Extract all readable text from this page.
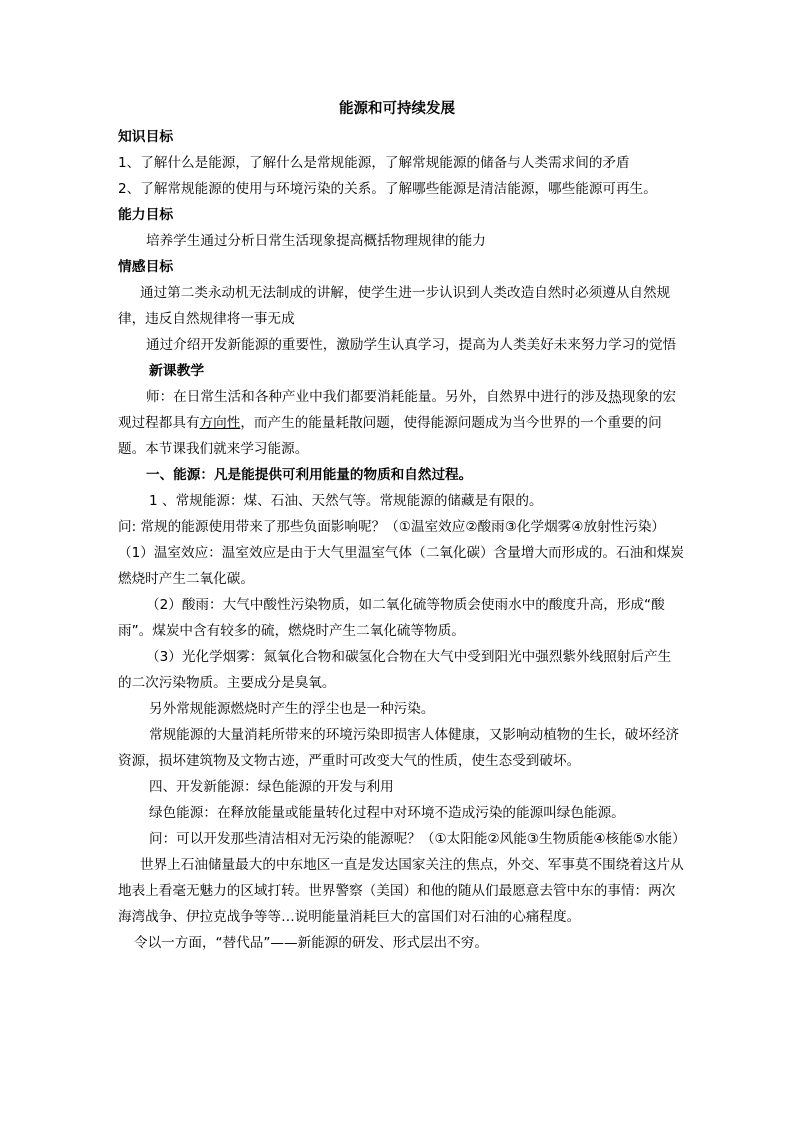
能源和可持续发展

知识目标

1、了解什么是能源，了解什么是常规能源，了解常规能源的储备与人类需求间的矛盾

2、了解常规能源的使用与环境污染的关系。了解哪些能源是清洁能源，哪些能源可再生。

能力目标

培养学生通过分析日常生活现象提高概括物理规律的能力

情感目标

通过第二类永动机无法制成的讲解，使学生进一步认识到人类改造自然时必须遵从自然规律，违反自然规律将一事无成

通过介绍开发新能源的重要性，激励学生认真学习，提高为人类美好未来努力学习的觉悟

新课教学

师：在日常生活和各种产业中我们都要消耗能量。另外，自然界中进行的涉及热现象的宏观过程都具有方向性，而产生的能量耗散问题，使得能源问题成为当今世界的一个重要的问题。本节课我们就来学习能源。

一、能源：凡是能提供可利用能量的物质和自然过程。

1 、常规能源：煤、石油、天然气等。常规能源的储藏是有限的。

问: 常规的能源使用带来了那些负面影响呢？（①温室效应②酸雨③化学烟雾④放射性污染）

（1）温室效应：温室效应是由于大气里温室气体（二氧化碳）含量增大而形成的。石油和煤炭燃烧时产生二氧化碳。

（2）酸雨：大气中酸性污染物质，如二氧化硫等物质会使雨水中的酸度升高，形成“酸雨”。煤炭中含有较多的硫，燃烧时产生二氧化硫等物质。

（3）光化学烟雾：氮氧化合物和碳氢化合物在大气中受到阳光中强烈紫外线照射后产生的二次污染物质。主要成分是臭氧。

另外常规能源燃烧时产生的浮尘也是一种污染。

常规能源的大量消耗所带来的环境污染即损害人体健康，又影响动植物的生长，破坏经济资源，损坏建筑物及文物古迹，严重时可改变大气的性质，使生态受到破坏。

四、开发新能源：绿色能源的开发与利用

绿色能源：在释放能量或能量转化过程中对环境不造成污染的能源叫绿色能源。

问：可以开发那些清洁相对无污染的能源呢？（①太阳能②风能③生物质能④核能⑤水能）

世界上石油储量最大的中东地区一直是发达国家关注的焦点，外交、军事莫不围绕着这片从地表上看毫无魅力的区域打转。世界警察（美国）和他的随从们最愿意去管中东的事情：两次海湾战争、伊拉克战争等等…说明能量消耗巨大的富国们对石油的心痛程度。

令以一方面，“替代品”——新能源的研发、形式层出不穷。
